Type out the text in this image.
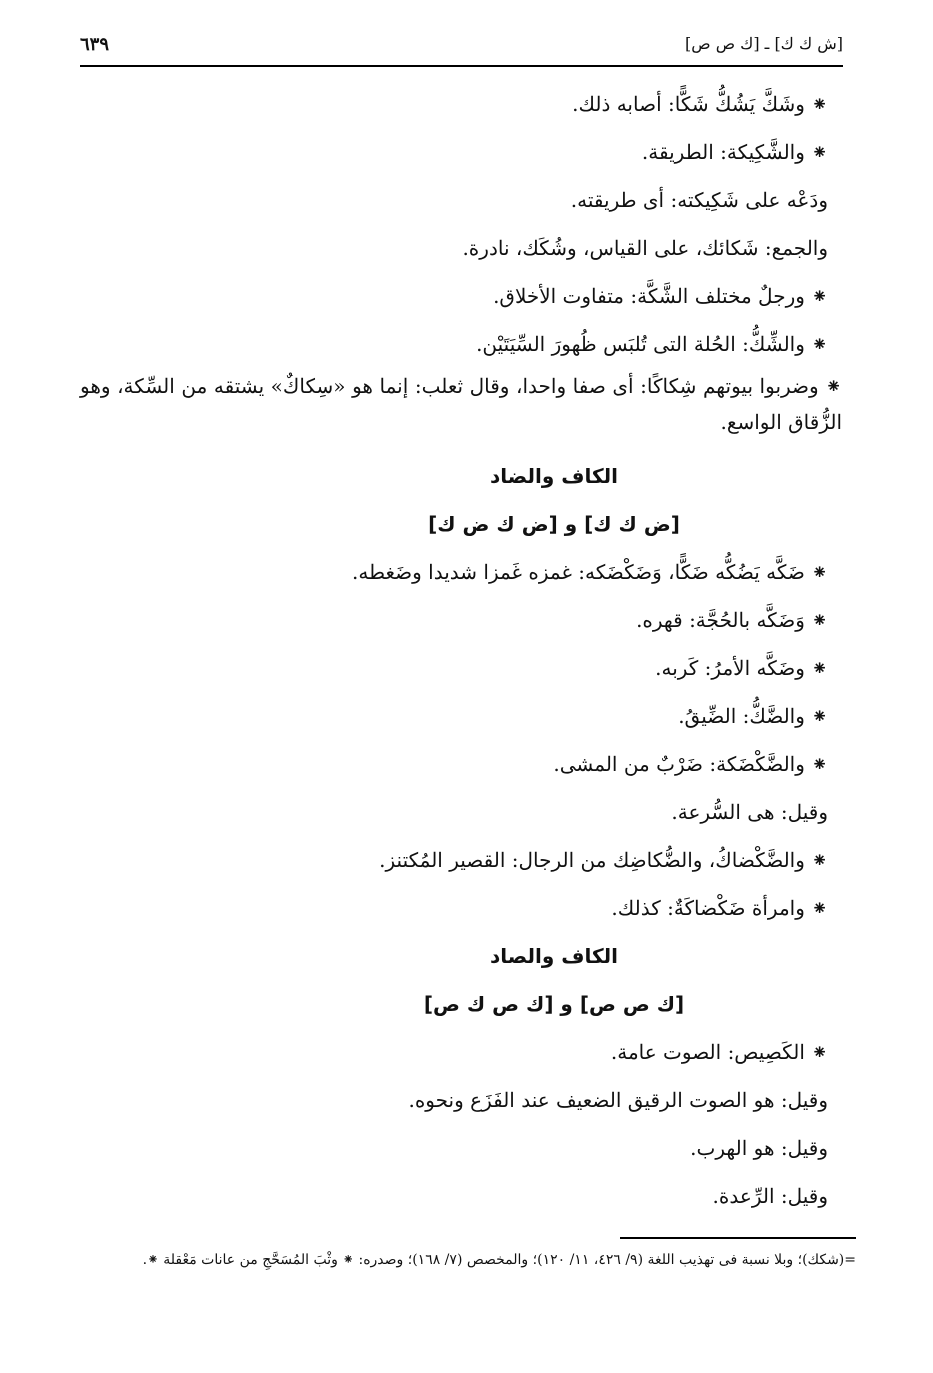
٦٣٩	[ش ك ك] ـ [ك ص ص]
⁕ وشَكَّ يَشُكُّ شَكًّا: أصابه ذلك.
⁕ والشَّكِيكة: الطريقة.
ودَعْه على شَكِيكته: أى طريقته.
والجمع: شَكائك، على القياس، وشُكَك، نادرة.
⁕ ورجلٌ مختلف الشَّكَّة: متفاوت الأخلاق.
⁕ والشِّكُّ: الحُلة التى تُلبَس ظُهورَ السِّيَتَيْن.
⁕ وضربوا بيوتهم شِكاكًا: أى صفا واحدا، وقال ثعلب: إنما هو «سِكاكٌ» يشتقه من السِّكة، وهو الزُّقاق الواسع.
الكاف والضاد
[ض ك ك] و [ض ك ض ك]
⁕ ضَكَّه يَضُكُّه ضَكًّا، وَضَكْضَكه: غمزه غَمزا شديدا وضَغطه.
⁕ وَضَكَّه بالحُجَّة: قهره.
⁕ وضَكَّه الأمرُ: كَربه.
⁕ والضَّكُّ: الضِّيقُ.
⁕ والضَّكْضَكة: ضَرْبٌ من المشى.
وقيل: هى السُّرعة.
⁕ والضَّكْضاكُ، والضُّكاضِك من الرجال: القصير المُكتنز.
⁕ وامرأة ضَكْضاكَةٌ: كذلك.
الكاف والصاد
[ك ص ص] و [ك ص ك ص]
⁕ الكَصِيص: الصوت عامة.
وقيل: هو الصوت الرقيق الضعيف عند الفَزَع ونحوه.
وقيل: هو الهرب.
وقيل: الرِّعدة.
=(شكك)؛ وبلا نسبة فى تهذيب اللغة (٩/ ٤٢٦، ١١/ ١٢٠)؛ والمخصص (٧/ ١٦٨)؛ وصدره: ⁕ وثْبَ المُسَحَّجِ من عانات مَعْقلة ⁕.
